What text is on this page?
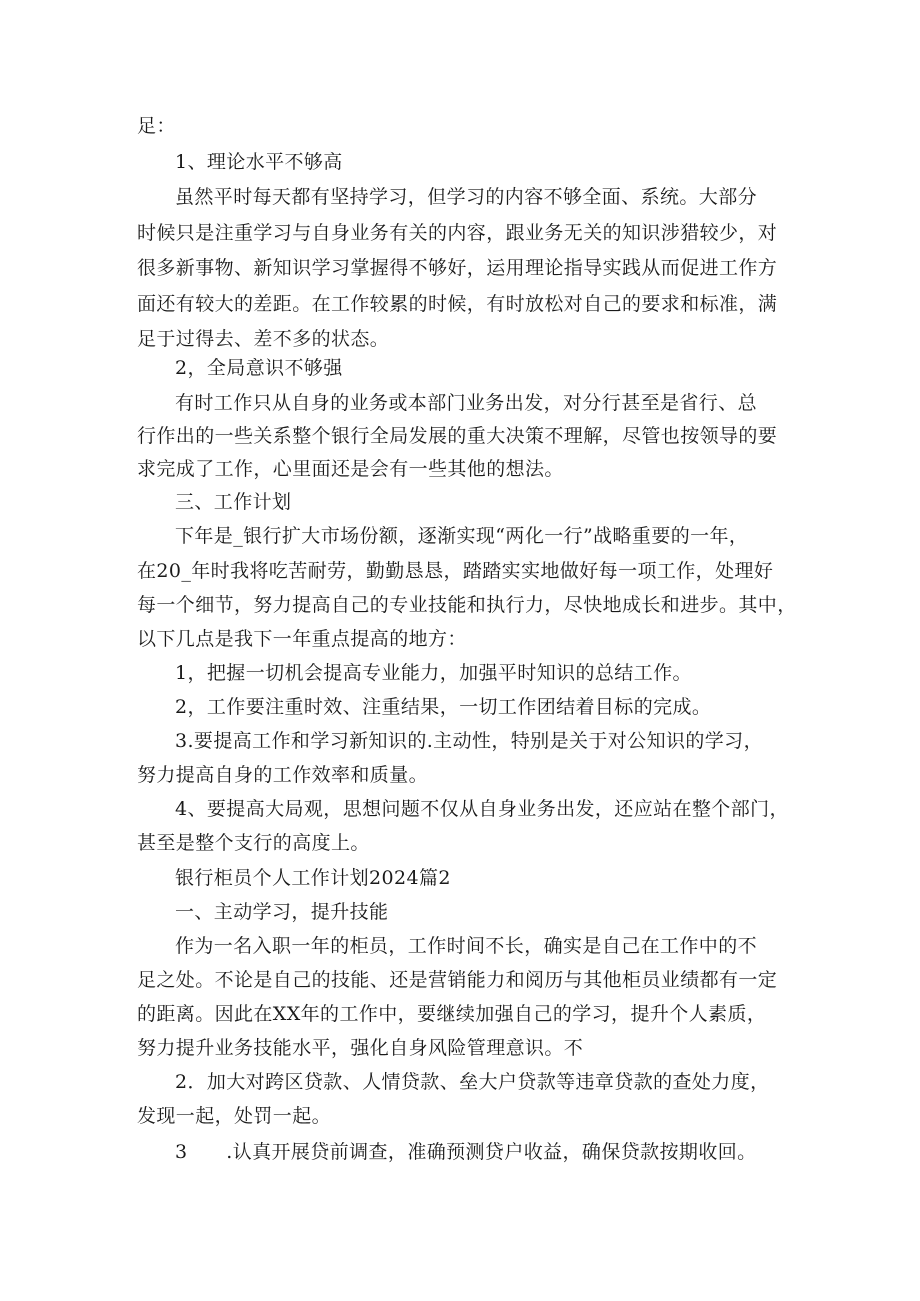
足：
1、理论水平不够高
虽然平时每天都有坚持学习，但学习的内容不够全面、系统。大部分
时候只是注重学习与自身业务有关的内容，跟业务无关的知识涉猎较少，对
很多新事物、新知识学习掌握得不够好，运用理论指导实践从而促进工作方
面还有较大的差距。在工作较累的时候，有时放松对自己的要求和标准，满
足于过得去、差不多的状态。
2，全局意识不够强
有时工作只从自身的业务或本部门业务出发，对分行甚至是省行、总
行作出的一些关系整个银行全局发展的重大决策不理解，尽管也按领导的要
求完成了工作，心里面还是会有一些其他的想法。
三、工作计划
下年是_银行扩大市场份额，逐渐实现“两化一行”战略重要的一年，
在20_年时我将吃苦耐劳，勤勤恳恳，踏踏实实地做好每一项工作，处理好
每一个细节，努力提高自己的专业技能和执行力，尽快地成长和进步。其中，
以下几点是我下一年重点提高的地方：
1，把握一切机会提高专业能力，加强平时知识的总结工作。
2，工作要注重时效、注重结果，一切工作团结着目标的完成。
3.要提高工作和学习新知识的.主动性，特别是关于对公知识的学习，
努力提高自身的工作效率和质量。
4、要提高大局观，思想问题不仅从自身业务出发，还应站在整个部门，
甚至是整个支行的高度上。
银行柜员个人工作计划2024篇2
一、主动学习，提升技能
作为一名入职一年的柜员，工作时间不长，确实是自己在工作中的不
足之处。不论是自己的技能、还是营销能力和阅历与其他柜员业绩都有一定
的距离。因此在XX年的工作中，要继续加强自己的学习，提升个人素质，
努力提升业务技能水平，强化自身风险管理意识。不
2．加大对跨区贷款、人情贷款、垒大户贷款等违章贷款的查处力度，
发现一起，处罚一起。
3　　.认真开展贷前调查，准确预测贷户收益，确保贷款按期收回。
